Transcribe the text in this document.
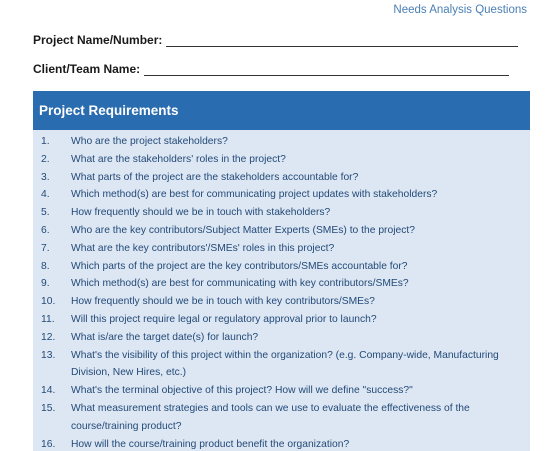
Needs Analysis Questions
Project Name/Number:
Client/Team Name:
Project Requirements
1.	Who are the project stakeholders?
2.	What are the stakeholders' roles in the project?
3.	What parts of the project are the stakeholders accountable for?
4.	Which method(s) are best for communicating project updates with stakeholders?
5.	How frequently should we be in touch with stakeholders?
6.	Who are the key contributors/Subject Matter Experts (SMEs) to the project?
7.	What are the key contributors'/SMEs' roles in this project?
8.	Which parts of the project are the key contributors/SMEs accountable for?
9.	Which method(s) are best for communicating with key contributors/SMEs?
10.	How frequently should we be in touch with key contributors/SMEs?
11.	Will this project require legal or regulatory approval prior to launch?
12.	What is/are the target date(s) for launch?
13.	What's the visibility of this project within the organization? (e.g. Company-wide, Manufacturing Division, New Hires, etc.)
14.	What's the terminal objective of this project? How will we define "success?"
15.	What measurement strategies and tools can we use to evaluate the effectiveness of the course/training product?
16.	How will the course/training product benefit the organization?
